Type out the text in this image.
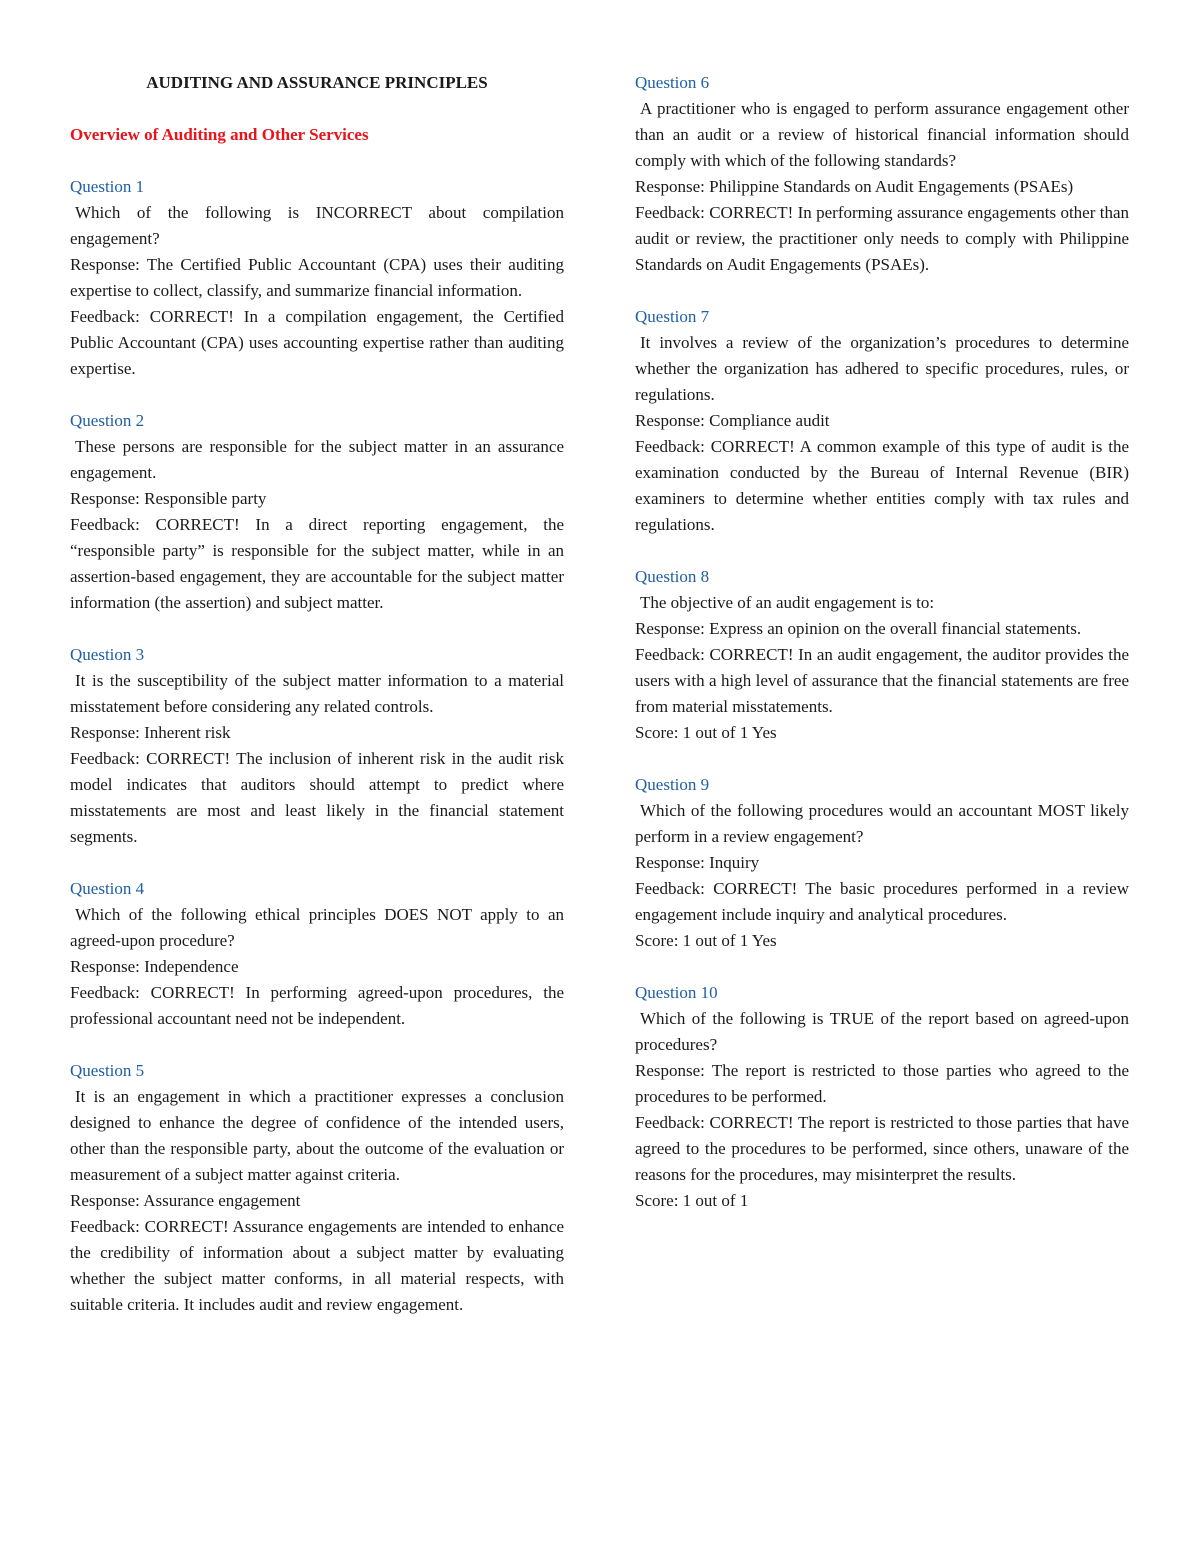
AUDITING AND ASSURANCE PRINCIPLES

Overview of Auditing and Other Services

Question 1

Which of the following is INCORRECT about compilation engagement?

Response: The Certified Public Accountant (CPA) uses their auditing expertise to collect, classify, and summarize financial information.

Feedback: CORRECT! In a compilation engagement, the Certified Public Accountant (CPA) uses accounting expertise rather than auditing expertise.

Question 2

These persons are responsible for the subject matter in an assurance engagement.

Response: Responsible party

Feedback: CORRECT! In a direct reporting engagement, the “responsible party” is responsible for the subject matter, while in an assertion-based engagement, they are accountable for the subject matter information (the assertion) and subject matter.

Question 3

It is the susceptibility of the subject matter information to a material misstatement before considering any related controls.

Response: Inherent risk

Feedback: CORRECT! The inclusion of inherent risk in the audit risk model indicates that auditors should attempt to predict where misstatements are most and least likely in the financial statement segments.

Question 4

Which of the following ethical principles DOES NOT apply to an agreed-upon procedure?

Response: Independence

Feedback: CORRECT! In performing agreed-upon procedures, the professional accountant need not be independent.

Question 5

It is an engagement in which a practitioner expresses a conclusion designed to enhance the degree of confidence of the intended users, other than the responsible party, about the outcome of the evaluation or measurement of a subject matter against criteria.

Response: Assurance engagement

Feedback: CORRECT! Assurance engagements are intended to enhance the credibility of information about a subject matter by evaluating whether the subject matter conforms, in all material respects, with suitable criteria. It includes audit and review engagement.

Question 6

A practitioner who is engaged to perform assurance engagement other than an audit or a review of historical financial information should comply with which of the following standards?

Response: Philippine Standards on Audit Engagements (PSAEs)

Feedback: CORRECT! In performing assurance engagements other than audit or review, the practitioner only needs to comply with Philippine Standards on Audit Engagements (PSAEs).

Question 7

It involves a review of the organization’s procedures to determine whether the organization has adhered to specific procedures, rules, or regulations.

Response: Compliance audit

Feedback: CORRECT! A common example of this type of audit is the examination conducted by the Bureau of Internal Revenue (BIR) examiners to determine whether entities comply with tax rules and regulations.

Question 8

The objective of an audit engagement is to:

Response: Express an opinion on the overall financial statements.

Feedback: CORRECT! In an audit engagement, the auditor provides the users with a high level of assurance that the financial statements are free from material misstatements.

Score: 1 out of 1 Yes

Question 9

Which of the following procedures would an accountant MOST likely perform in a review engagement?

Response: Inquiry

Feedback: CORRECT! The basic procedures performed in a review engagement include inquiry and analytical procedures.

Score: 1 out of 1 Yes

Question 10

Which of the following is TRUE of the report based on agreed-upon procedures?

Response: The report is restricted to those parties who agreed to the procedures to be performed.

Feedback: CORRECT! The report is restricted to those parties that have agreed to the procedures to be performed, since others, unaware of the reasons for the procedures, may misinterpret the results.

Score: 1 out of 1
